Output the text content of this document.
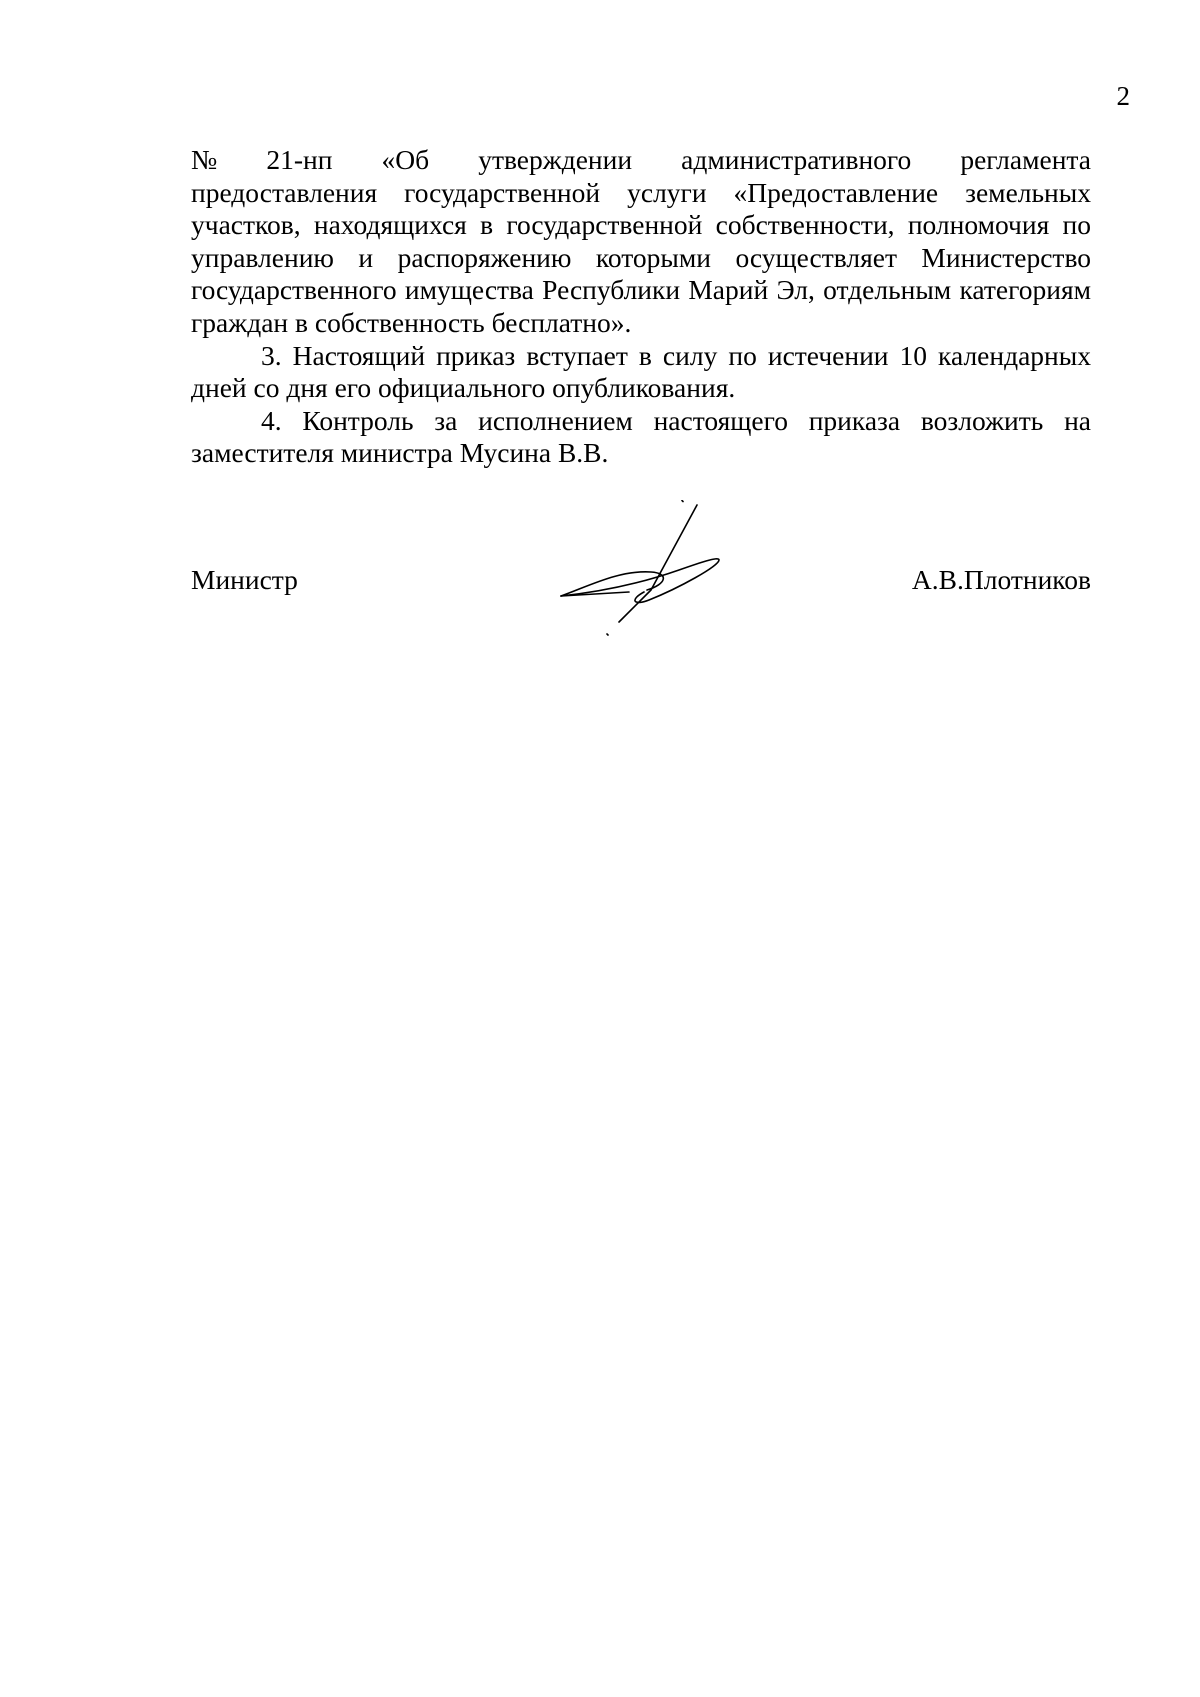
2
№ 21-нп «Об утверждении административного регламента

предоставления государственной услуги «Предоставление земельных участков, находящихся в государственной собственности, полномочия по управлению и распоряжению которыми осуществляет Министерство государственного имущества Республики Марий Эл, отдельным категориям граждан в собственность бесплатно».

3. Настоящий приказ вступает в силу по истечении 10 календарных дней со дня его официального опубликования.

4. Контроль за исполнением настоящего приказа возложить на заместителя министра Мусина В.В.

Министр	А.В.Плотников
